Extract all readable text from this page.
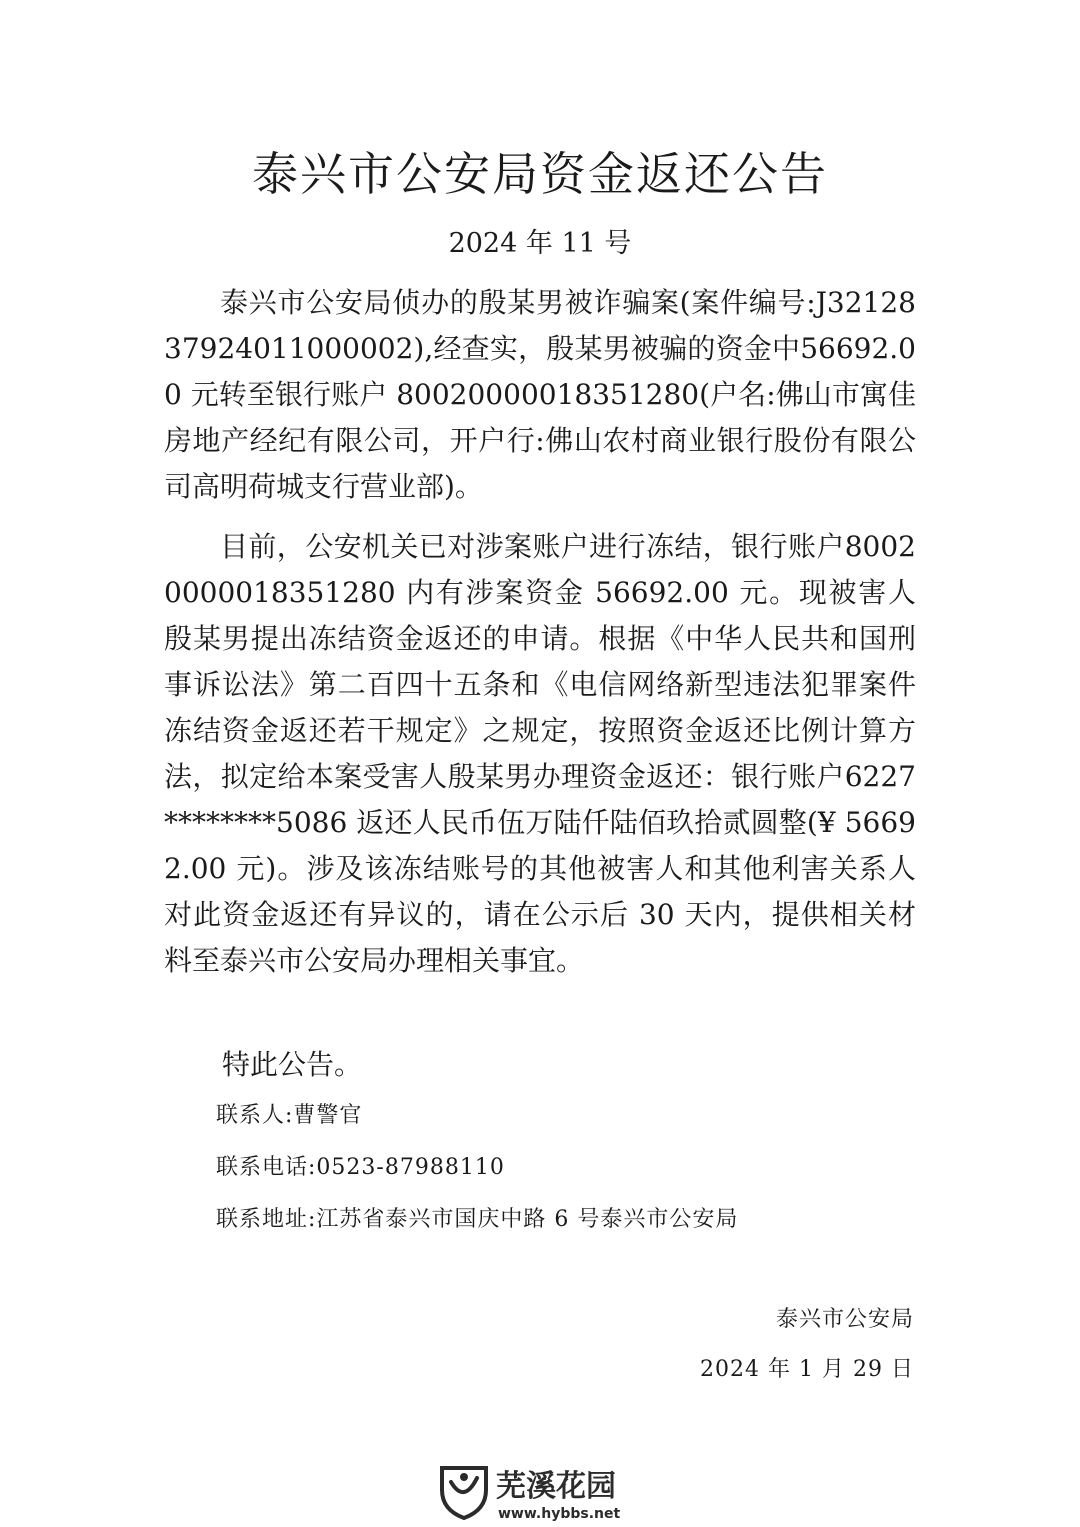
泰兴市公安局资金返还公告
2024 年 11 号

泰兴市公安局侦办的殷某男被诈骗案(案件编号:J3212837924011000002),经查实，殷某男被骗的资金中56692.00 元转至银行账户 80020000018351280(户名:佛山市寓佳房地产经纪有限公司，开户行:佛山农村商业银行股份有限公司高明荷城支行营业部)。

目前，公安机关已对涉案账户进行冻结，银行账户80020000018351280 内有涉案资金 56692.00 元。现被害人殷某男提出冻结资金返还的申请。根据《中华人民共和国刑事诉讼法》第二百四十五条和《电信网络新型违法犯罪案件冻结资金返还若干规定》之规定，按照资金返还比例计算方法，拟定给本案受害人殷某男办理资金返还：银行账户6227********5086 返还人民币伍万陆仟陆佰玖拾贰圆整(¥ 56692.00 元)。涉及该冻结账号的其他被害人和其他利害关系人对此资金返还有异议的，请在公示后 30 天内，提供相关材料至泰兴市公安局办理相关事宜。

特此公告。
联系人:曹警官
联系电话:0523-87988110
联系地址:江苏省泰兴市国庆中路 6 号泰兴市公安局
泰兴市公安局
2024 年 1 月 29 日
芜溪花园
www.hybbs.net
